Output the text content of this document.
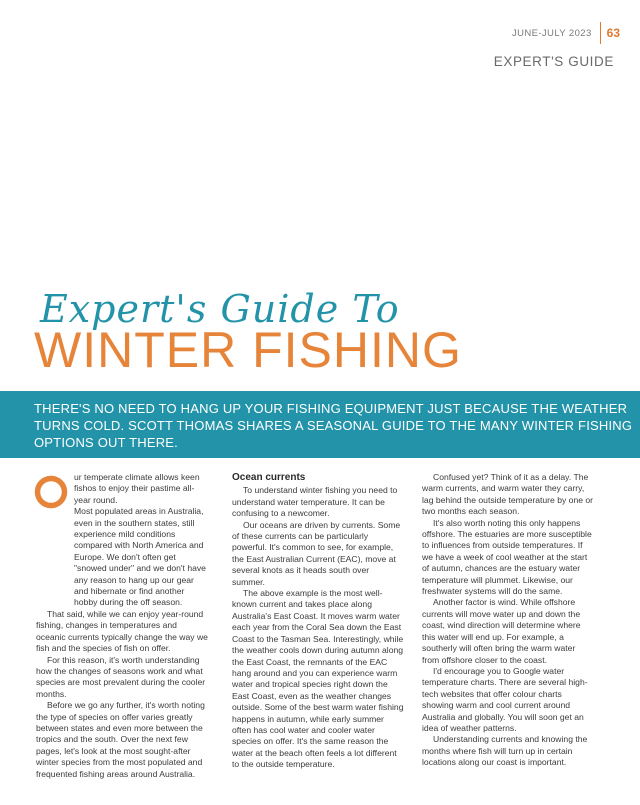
JUNE-JULY 2023 63
EXPERT'S GUIDE
Expert's Guide To
WINTER FISHING
THERE'S NO NEED TO HANG UP YOUR FISHING EQUIPMENT JUST BECAUSE THE WEATHER TURNS COLD. SCOTT THOMAS SHARES A SEASONAL GUIDE TO THE MANY WINTER FISHING OPTIONS OUT THERE.

ur temperate climate allows keen fishos to enjoy their pastime all-year round.

Most populated areas in Australia, even in the southern states, still experience mild conditions compared with North America and Europe. We don't often get "snowed under" and we don't have any reason to hang up our gear and hibernate or find another hobby during the off season.

That said, while we can enjoy year-round fishing, changes in temperatures and oceanic currents typically change the way we fish and the species of fish on offer.

For this reason, it's worth understanding how the changes of seasons work and what species are most prevalent during the cooler months.

Before we go any further, it's worth noting the type of species on offer varies greatly between states and even more between the tropics and the south. Over the next few pages, let's look at the most sought-after winter species from the most populated and frequented fishing areas around Australia.

Ocean currents

To understand winter fishing you need to understand water temperature. It can be confusing to a newcomer.

Our oceans are driven by currents. Some of these currents can be particularly powerful. It's common to see, for example, the East Australian Current (EAC), move at several knots as it heads south over summer.

The above example is the most well-known current and takes place along Australia's East Coast. It moves warm water each year from the Coral Sea down the East Coast to the Tasman Sea. Interestingly, while the weather cools down during autumn along the East Coast, the remnants of the EAC hang around and you can experience warm water and tropical species right down the East Coast, even as the weather changes outside. Some of the best warm water fishing happens in autumn, while early summer often has cool water and cooler water species on offer. It's the same reason the water at the beach often feels a lot different to the outside temperature.

Confused yet? Think of it as a delay. The warm currents, and warm water they carry, lag behind the outside temperature by one or two months each season.

It's also worth noting this only happens offshore. The estuaries are more susceptible to influences from outside temperatures. If we have a week of cool weather at the start of autumn, chances are the estuary water temperature will plummet. Likewise, our freshwater systems will do the same.

Another factor is wind. While offshore currents will move water up and down the coast, wind direction will determine where this water will end up. For example, a southerly will often bring the warm water from offshore closer to the coast.

I'd encourage you to Google water temperature charts. There are several high-tech websites that offer colour charts showing warm and cool current around Australia and globally. You will soon get an idea of weather patterns.

Understanding currents and knowing the months where fish will turn up in certain locations along our coast is important.
